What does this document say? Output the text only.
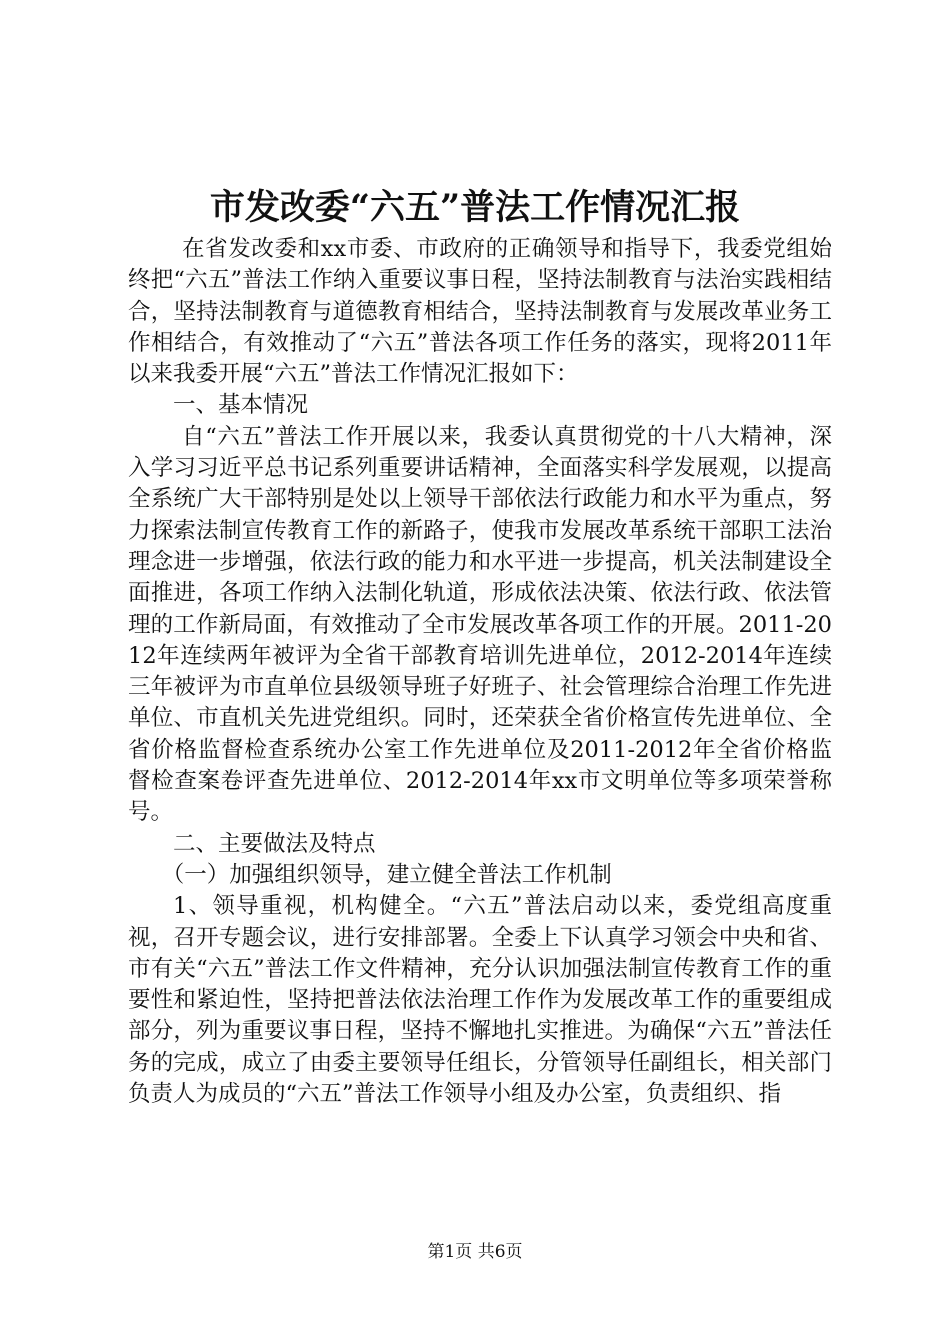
市发改委“六五”普法工作情况汇报

在省发改委和xx市委、市政府的正确领导和指导下，我委党组始终把“六五”普法工作纳入重要议事日程，坚持法制教育与法治实践相结合，坚持法制教育与道德教育相结合，坚持法制教育与发展改革业务工作相结合，有效推动了“六五”普法各项工作任务的落实，现将2011年以来我委开展“六五”普法工作情况汇报如下：

一、基本情况

自“六五”普法工作开展以来，我委认真贯彻党的十八大精神，深入学习习近平总书记系列重要讲话精神，全面落实科学发展观，以提高全系统广大干部特别是处以上领导干部依法行政能力和水平为重点，努力探索法制宣传教育工作的新路子，使我市发展改革系统干部职工法治理念进一步增强，依法行政的能力和水平进一步提高，机关法制建设全面推进，各项工作纳入法制化轨道，形成依法决策、依法行政、依法管理的工作新局面，有效推动了全市发展改革各项工作的开展。2011-2012年连续两年被评为全省干部教育培训先进单位，2012-2014年连续三年被评为市直单位县级领导班子好班子、社会管理综合治理工作先进单位、市直机关先进党组织。同时，还荣获全省价格宣传先进单位、全省价格监督检查系统办公室工作先进单位及2011-2012年全省价格监督检查案卷评查先进单位、2012-2014年xx市文明单位等多项荣誉称号。

二、主要做法及特点

（一）加强组织领导，建立健全普法工作机制

1、领导重视，机构健全。“六五”普法启动以来，委党组高度重视，召开专题会议，进行安排部署。全委上下认真学习领会中央和省、市有关“六五”普法工作文件精神，充分认识加强法制宣传教育工作的重要性和紧迫性，坚持把普法依法治理工作作为发展改革工作的重要组成部分，列为重要议事日程，坚持不懈地扎实推进。为确保“六五”普法任务的完成，成立了由委主要领导任组长，分管领导任副组长，相关部门负责人为成员的“六五”普法工作领导小组及办公室，负责组织、指

第1页 共6页
